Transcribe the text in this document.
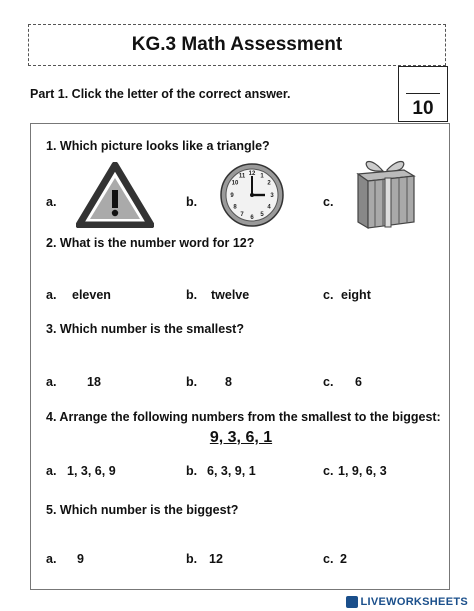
KG.3 Math Assessment
Part 1. Click the letter of the correct answer.
10
1. Which picture looks like a triangle?
a.	b.
12 1
2
3
4
5
6
7
8
9
10
11
c.
2. What is the number word for 12?
a. eleven	b. twelve	c. eight
3. Which number is the smallest?
a. 18	b. 8	c. 6
4. Arrange the following numbers from the smallest to the biggest:
9, 3, 6, 1
a. 1, 3, 6, 9	b. 6, 3, 9, 1	c. 1, 9, 6, 3
5. Which number is the biggest?
a. 9	b. 12	c. 2
LIVEWORKSHEETS
